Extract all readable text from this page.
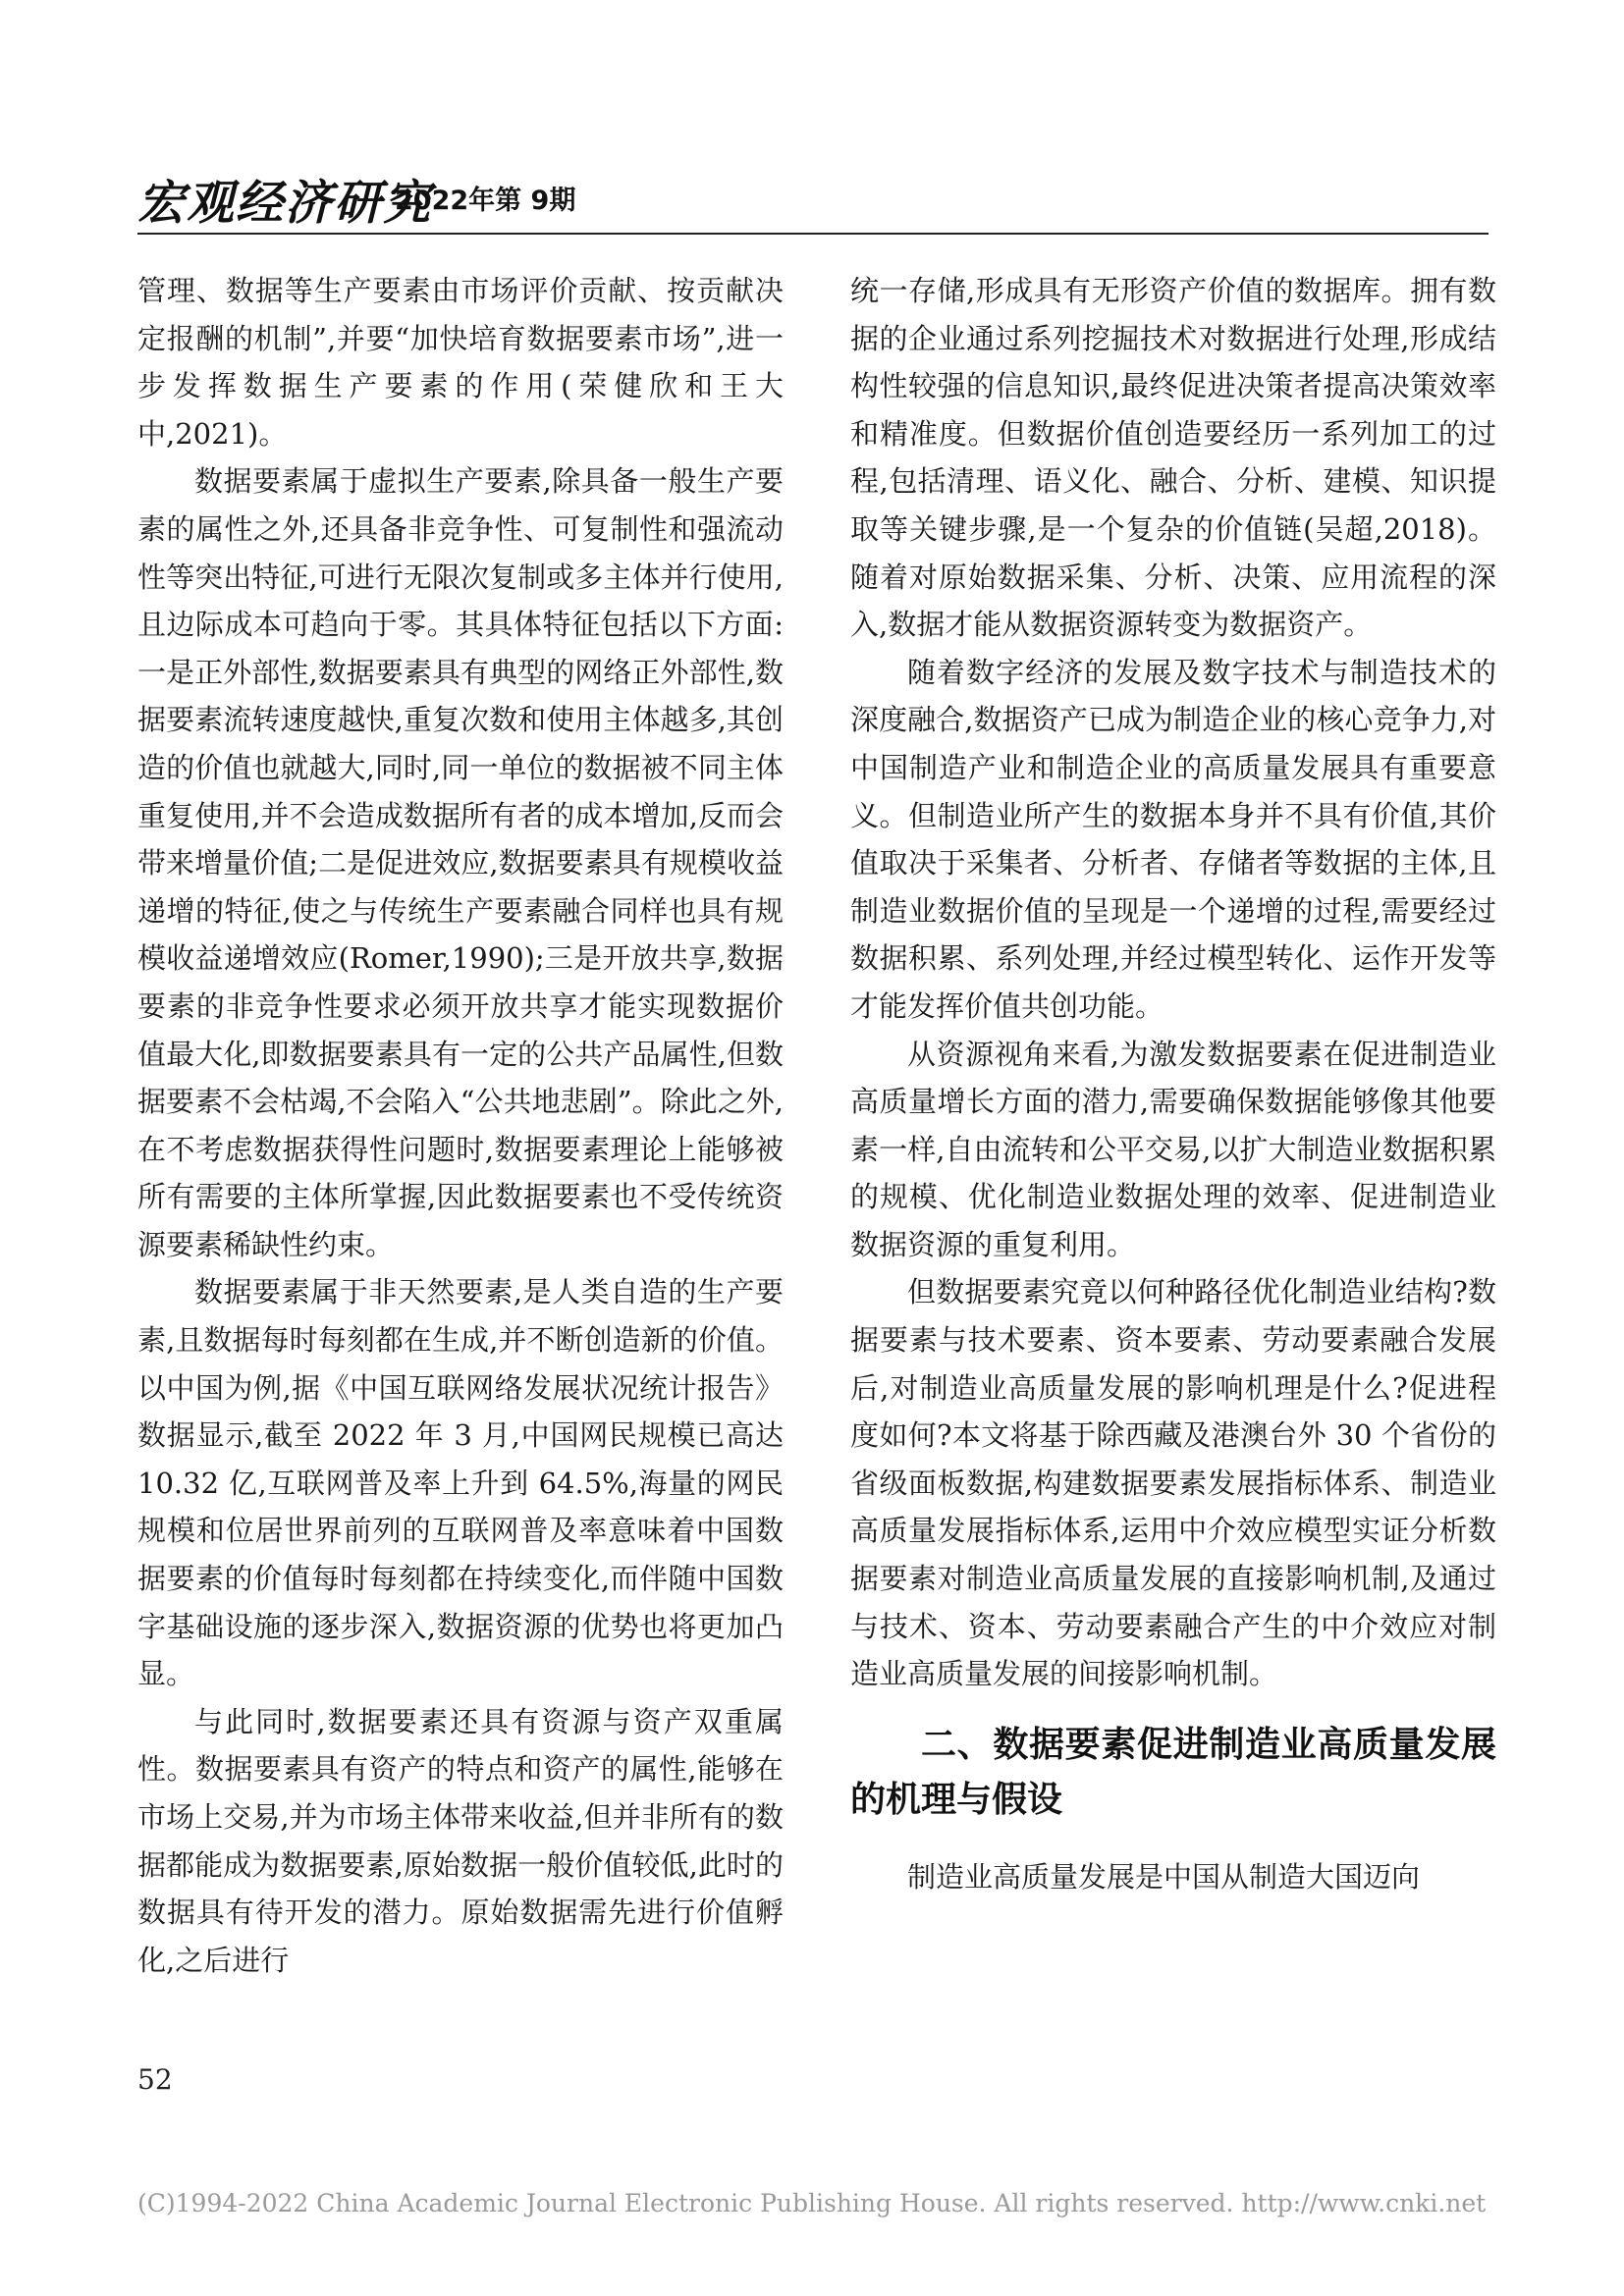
宏观经济研究
2022年第 9期

管理、数据等生产要素由市场评价贡献、按贡献决定报酬的机制”,并要“加快培育数据要素市场”,进一步发挥数据生产要素的作用(荣健欣和王大中,2021)。

数据要素属于虚拟生产要素,除具备一般生产要素的属性之外,还具备非竞争性、可复制性和强流动性等突出特征,可进行无限次复制或多主体并行使用,且边际成本可趋向于零。其具体特征包括以下方面:一是正外部性,数据要素具有典型的网络正外部性,数据要素流转速度越快,重复次数和使用主体越多,其创造的价值也就越大,同时,同一单位的数据被不同主体重复使用,并不会造成数据所有者的成本增加,反而会带来增量价值;二是促进效应,数据要素具有规模收益递增的特征,使之与传统生产要素融合同样也具有规模收益递增效应(Romer,1990);三是开放共享,数据要素的非竞争性要求必须开放共享才能实现数据价值最大化,即数据要素具有一定的公共产品属性,但数据要素不会枯竭,不会陷入“公共地悲剧”。除此之外,在不考虑数据获得性问题时,数据要素理论上能够被所有需要的主体所掌握,因此数据要素也不受传统资源要素稀缺性约束。

数据要素属于非天然要素,是人类自造的生产要素,且数据每时每刻都在生成,并不断创造新的价值。以中国为例,据《中国互联网络发展状况统计报告》数据显示,截至 2022 年 3 月,中国网民规模已高达 10.32 亿,互联网普及率上升到 64.5%,海量的网民规模和位居世界前列的互联网普及率意味着中国数据要素的价值每时每刻都在持续变化,而伴随中国数字基础设施的逐步深入,数据资源的优势也将更加凸显。

与此同时,数据要素还具有资源与资产双重属性。数据要素具有资产的特点和资产的属性,能够在市场上交易,并为市场主体带来收益,但并非所有的数据都能成为数据要素,原始数据一般价值较低,此时的数据具有待开发的潜力。原始数据需先进行价值孵化,之后进行

统一存储,形成具有无形资产价值的数据库。拥有数据的企业通过系列挖掘技术对数据进行处理,形成结构性较强的信息知识,最终促进决策者提高决策效率和精准度。但数据价值创造要经历一系列加工的过程,包括清理、语义化、融合、分析、建模、知识提取等关键步骤,是一个复杂的价值链(吴超,2018)。随着对原始数据采集、分析、决策、应用流程的深入,数据才能从数据资源转变为数据资产。

随着数字经济的发展及数字技术与制造技术的深度融合,数据资产已成为制造企业的核心竞争力,对中国制造产业和制造企业的高质量发展具有重要意义。但制造业所产生的数据本身并不具有价值,其价值取决于采集者、分析者、存储者等数据的主体,且制造业数据价值的呈现是一个递增的过程,需要经过数据积累、系列处理,并经过模型转化、运作开发等才能发挥价值共创功能。

从资源视角来看,为激发数据要素在促进制造业高质量增长方面的潜力,需要确保数据能够像其他要素一样,自由流转和公平交易,以扩大制造业数据积累的规模、优化制造业数据处理的效率、促进制造业数据资源的重复利用。

但数据要素究竟以何种路径优化制造业结构?数据要素与技术要素、资本要素、劳动要素融合发展后,对制造业高质量发展的影响机理是什么?促进程度如何?本文将基于除西藏及港澳台外 30 个省份的省级面板数据,构建数据要素发展指标体系、制造业高质量发展指标体系,运用中介效应模型实证分析数据要素对制造业高质量发展的直接影响机制,及通过与技术、资本、劳动要素融合产生的中介效应对制造业高质量发展的间接影响机制。

二、数据要素促进制造业高质量发展的机理与假设

制造业高质量发展是中国从制造大国迈向

52
(C)1994-2022 China Academic Journal Electronic Publishing House. All rights reserved. http://www.cnki.net
